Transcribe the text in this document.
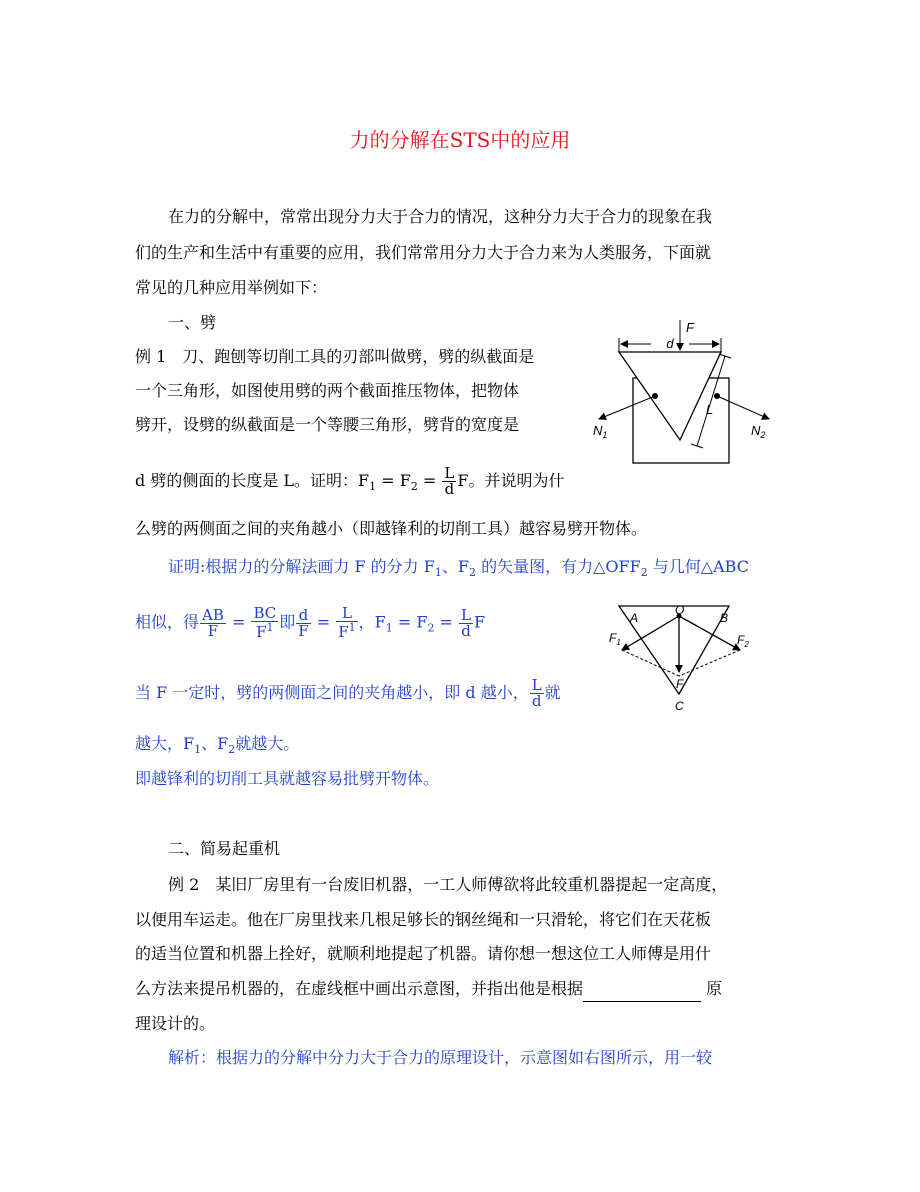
力的分解在STS中的应用
在力的分解中，常常出现分力大于合力的情况，这种分力大于合力的现象在我
们的生产和生活中有重要的应用，我们常常用分力大于合力来为人类服务，下面就
常见的几种应用举例如下：
一、劈
例 1　刀、跑刨等切削工具的刃部叫做劈，劈的纵截面是
一个三角形，如图使用劈的两个截面推压物体，把物体
劈开，设劈的纵截面是一个等腰三角形，劈背的宽度是
d 劈的侧面的长度是 L。证明：$F_1 = F_2 = \frac{L}{d}$ F。并说明为什
么劈的两侧面之间的夹角越小（即越锋利的切削工具）越容易劈开物体。
证明:根据力的分解法画力 F 的分力 $F_1$、$F_2$ 的矢量图，有力$\triangle OFF_2$ 与几何△ABC
相似，得 $\frac{AB}{F} = \frac{BC}{F^1}$ 即 $\frac{d}{F} = \frac{L}{F^1}$ ，$F_1 = F_2 = \frac{L}{d}$ F
当 F 一定时，劈的两侧面之间的夹角越小，即 d 越小， $\frac{L}{d}$ 就
越大，$F_1$、$F_2$就越大。
即越锋利的切削工具就越容易批劈开物体。
d
F
L
$N_1$	$N_2$
O
A	B
F
C
$F_1$	$F_2$
二、简易起重机
例 2　某旧厂房里有一台废旧机器，一工人师傅欲将此较重机器提起一定高度，
以便用车运走。他在厂房里找来几根足够长的钢丝绳和一只滑轮，将它们在天花板
的适当位置和机器上拴好，就顺利地提起了机器。请你想一想这位工人师傅是用什
么方法来提吊机器的，在虚线框中画出示意图，并指出他是根据	原
理设计的。
解析：根据力的分解中分力大于合力的原理设计，示意图如右图所示，用一较
